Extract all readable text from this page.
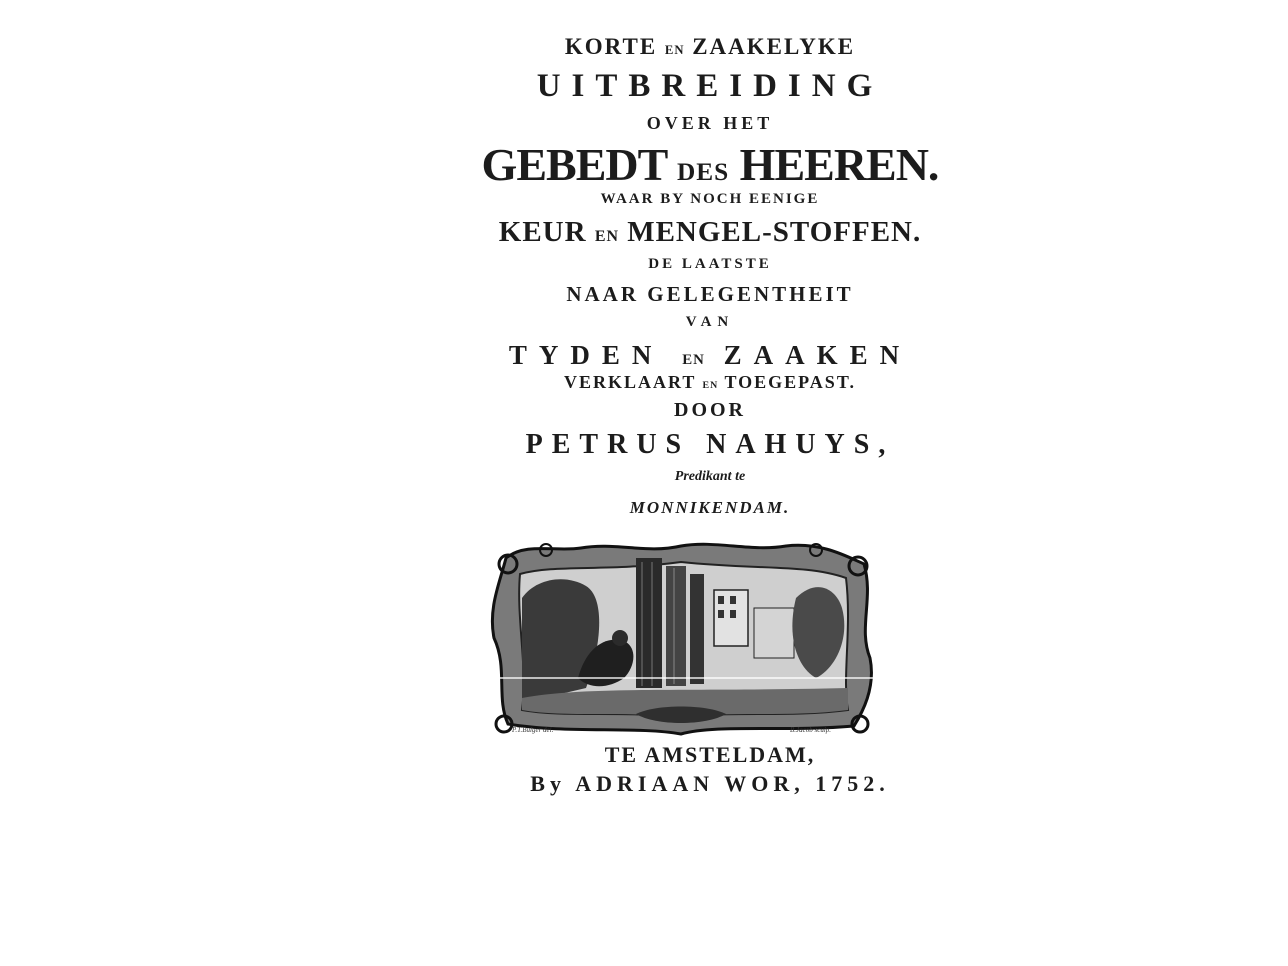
KORTE EN ZAAKELYKE
UITBREIDING
OVER HET
GEBEDT DES HEEREN.
WAAR BY NOCH EENIGE
KEUR EN MENGEL-STOFFEN.
DE LAATSTE
NAAR GELEGENTHEIT
VAN
TYDEN EN ZAAKEN
VERKLAART EN TOEGEPAST.
DOOR
PETRUS NAHUYS,
Predikant te
MONNIKENDAM.
P.T.Bulger del.	B.Jacob sculp.
TE AMSTELDAM,
By ADRIAAN WOR, 1752.
